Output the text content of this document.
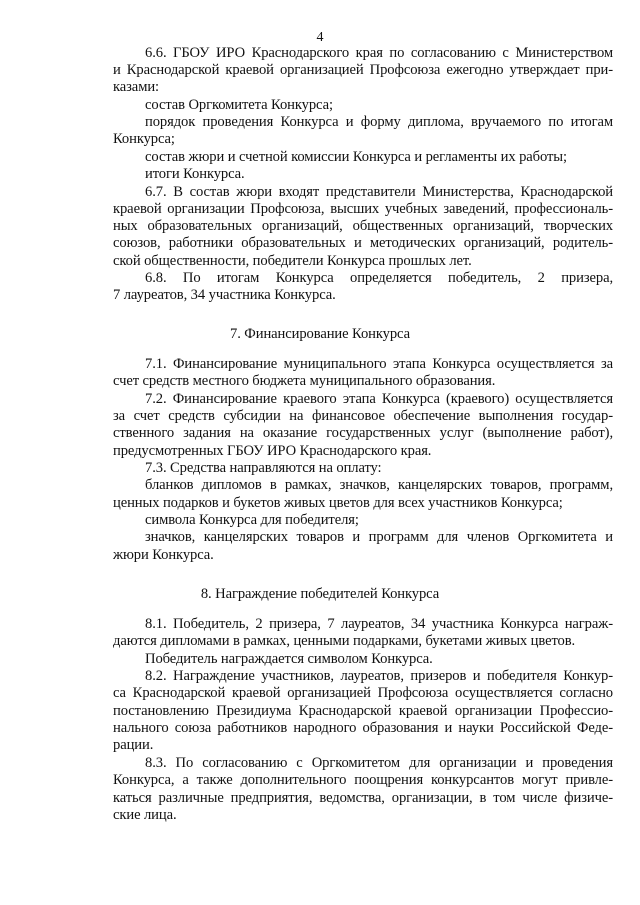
4
6.6. ГБОУ ИРО Краснодарского края по согласованию с Министерством
и Краснодарской краевой организацией Профсоюза ежегодно утверждает при-
казами:
состав Оргкомитета Конкурса;
порядок проведения Конкурса и форму диплома, вручаемого по итогам
Конкурса;
состав жюри и счетной комиссии Конкурса и регламенты их работы;
итоги Конкурса.
6.7. В состав жюри входят представители Министерства, Краснодарской
краевой организации Профсоюза, высших учебных заведений, профессиональ-
ных образовательных организаций, общественных организаций, творческих
союзов, работники образовательных и методических организаций, родитель-
ской общественности, победители Конкурса прошлых лет.
6.8. По итогам Конкурса определяется победитель, 2 призера,
7 лауреатов, 34 участника Конкурса.
7. Финансирование Конкурса
7.1. Финансирование муниципального этапа Конкурса осуществляется за
счет средств местного бюджета муниципального образования.
7.2. Финансирование краевого этапа Конкурса (краевого) осуществляется
за счет средств субсидии на финансовое обеспечение выполнения государ-
ственного задания на оказание государственных услуг (выполнение работ),
предусмотренных ГБОУ ИРО Краснодарского края.
7.3. Средства направляются на оплату:
бланков дипломов в рамках, значков, канцелярских товаров, программ,
ценных подарков и букетов живых цветов для всех участников Конкурса;
символа Конкурса для победителя;
значков, канцелярских товаров и программ для членов Оргкомитета и
жюри Конкурса.
8. Награждение победителей Конкурса
8.1. Победитель, 2 призера, 7 лауреатов, 34 участника Конкурса награж-
даются дипломами в рамках, ценными подарками, букетами живых цветов.
Победитель награждается символом Конкурса.
8.2. Награждение участников, лауреатов, призеров и победителя Конкур-
са Краснодарской краевой организацией Профсоюза осуществляется согласно
постановлению Президиума Краснодарской краевой организации Профессио-
нального союза работников народного образования и науки Российской Феде-
рации.
8.3. По согласованию с Оргкомитетом для организации и проведения
Конкурса, а также дополнительного поощрения конкурсантов могут привле-
каться различные предприятия, ведомства, организации, в том числе физиче-
ские лица.
